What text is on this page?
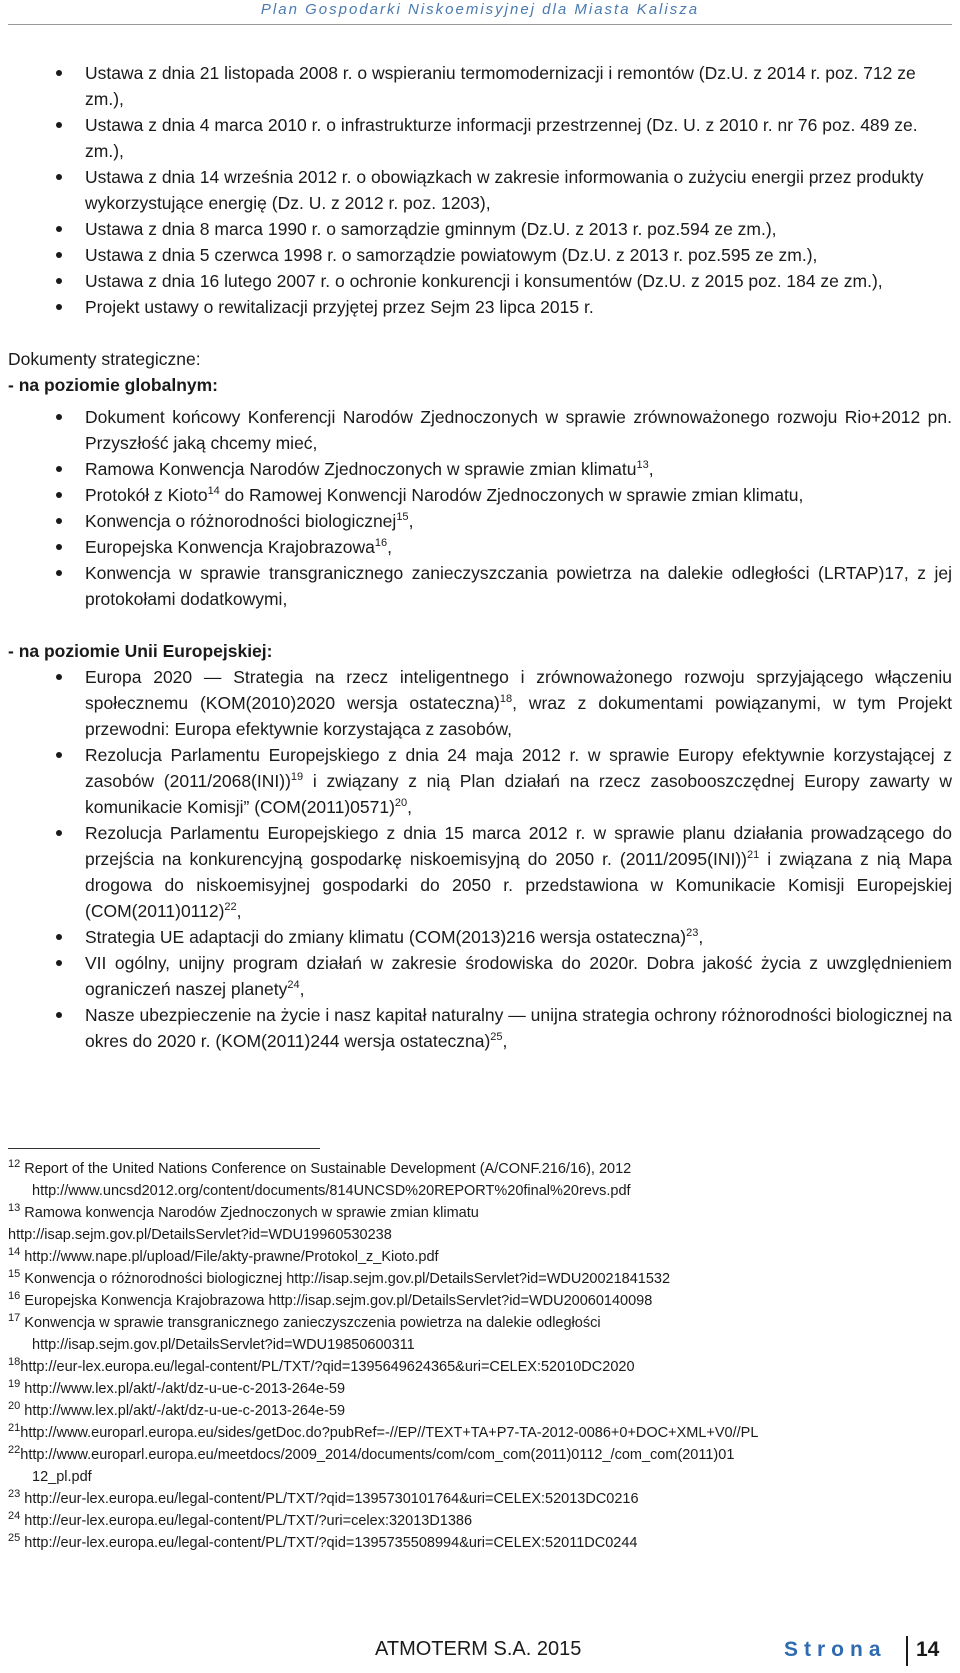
Plan Gospodarki Niskoemisyjnej dla Miasta Kalisza
Ustawa z dnia 21 listopada 2008 r. o wspieraniu termomodernizacji i remontów (Dz.U. z 2014 r. poz. 712 ze zm.),
Ustawa z dnia 4 marca 2010 r. o infrastrukturze informacji przestrzennej (Dz. U. z 2010 r. nr 76 poz. 489 ze. zm.),
Ustawa z dnia 14 września 2012 r. o obowiązkach w zakresie informowania o zużyciu energii przez produkty wykorzystujące energię (Dz. U. z 2012 r. poz. 1203),
Ustawa z dnia 8 marca 1990 r. o samorządzie gminnym (Dz.U. z 2013 r. poz.594 ze zm.),
Ustawa z dnia 5 czerwca 1998 r. o samorządzie powiatowym (Dz.U. z 2013 r. poz.595 ze zm.),
Ustawa z dnia 16 lutego 2007 r. o ochronie konkurencji i konsumentów (Dz.U. z 2015 poz. 184 ze zm.),
Projekt ustawy o rewitalizacji przyjętej przez Sejm 23 lipca 2015 r.
Dokumenty strategiczne:
- na poziomie globalnym:
Dokument końcowy Konferencji Narodów Zjednoczonych w sprawie zrównoważonego rozwoju Rio+2012 pn. Przyszłość jaką chcemy mieć,
Ramowa Konwencja Narodów Zjednoczonych w sprawie zmian klimatu$^{13}$,
Protokół z Kioto$^{14}$ do Ramowej Konwencji Narodów Zjednoczonych w sprawie zmian klimatu,
Konwencja o różnorodności biologicznej$^{15}$,
Europejska Konwencja Krajobrazowa$^{16}$,
Konwencja w sprawie transgranicznego zanieczyszczania powietrza na dalekie odległości (LRTAP)17, z jej protokołami dodatkowymi,
- na poziomie Unii Europejskiej:
Europa 2020 — Strategia na rzecz inteligentnego i zrównoważonego rozwoju sprzyjającego włączeniu społecznemu (KOM(2010)2020 wersja ostateczna)$^{18}$, wraz z dokumentami powiązanymi, w tym Projekt przewodni: Europa efektywnie korzystająca z zasobów,
Rezolucja Parlamentu Europejskiego z dnia 24 maja 2012 r. w sprawie Europy efektywnie korzystającej z zasobów $(2011/2068(INI))^{19}$ i związany z nią Plan działań na rzecz zasobooszczędnej Europy zawarty w komunikacie Komisji” $(COM(2011)0571)^{20}$,
Rezolucja Parlamentu Europejskiego z dnia 15 marca 2012 r. w sprawie planu działania prowadzącego do przejścia na konkurencyjną gospodarkę niskoemisyjną do 2050 r. $(2011/2095(INI))^{21}$ i związana z nią Mapa drogowa do niskoemisyjnej gospodarki do 2050 r. przedstawiona w Komunikacie Komisji Europejskiej $(COM(2011)0112)^{22}$,
Strategia UE adaptacji do zmiany klimatu (COM(2013)216 wersja ostateczna)$^{23}$,
VII ogólny, unijny program działań w zakresie środowiska do 2020r. Dobra jakość życia z uwzględnieniem ograniczeń naszej planety$^{24}$,
Nasze ubezpieczenie na życie i nasz kapitał naturalny — unijna strategia ochrony różnorodności biologicznej na okres do 2020 r. (KOM(2011)244 wersja ostateczna)$^{25}$,
$^{12}$ Report of the United Nations Conference on Sustainable Development (A/CONF.216/16), 2012
http://www.uncsd2012.org/content/documents/814UNCSD%20REPORT%20final%20revs.pdf
$^{13}$ Ramowa konwencja Narodów Zjednoczonych w sprawie zmian klimatu
http://isap.sejm.gov.pl/DetailsServlet?id=WDU19960530238
$^{14}$ http://www.nape.pl/upload/File/akty-prawne/Protokol_z_Kioto.pdf
$^{15}$ Konwencja o różnorodności biologicznej http://isap.sejm.gov.pl/DetailsServlet?id=WDU20021841532
$^{16}$ Europejska Konwencja Krajobrazowa http://isap.sejm.gov.pl/DetailsServlet?id=WDU20060140098
$^{17}$ Konwencja w sprawie transgranicznego zanieczyszczenia powietrza na dalekie odległości
http://isap.sejm.gov.pl/DetailsServlet?id=WDU19850600311
$^{18}$http://eur-lex.europa.eu/legal-content/PL/TXT/?qid=1395649624365&uri=CELEX:52010DC2020
$^{19}$ http://www.lex.pl/akt/-/akt/dz-u-ue-c-2013-264e-59
$^{20}$ http://www.lex.pl/akt/-/akt/dz-u-ue-c-2013-264e-59
$^{21}$http://www.europarl.europa.eu/sides/getDoc.do?pubRef=-//EP//TEXT+TA+P7-TA-2012-0086+0+DOC+XML+V0//PL
$^{22}$http://www.europarl.europa.eu/meetdocs/2009_2014/documents/com/com_com(2011)0112_/com_com(2011)01
12_pl.pdf
$^{23}$ http://eur-lex.europa.eu/legal-content/PL/TXT/?qid=1395730101764&uri=CELEX:52013DC0216
$^{24}$ http://eur-lex.europa.eu/legal-content/PL/TXT/?uri=celex:32013D1386
$^{25}$ http://eur-lex.europa.eu/legal-content/PL/TXT/?qid=1395735508994&uri=CELEX:52011DC0244
ATMOTERM S.A. 2015	Strona 14
